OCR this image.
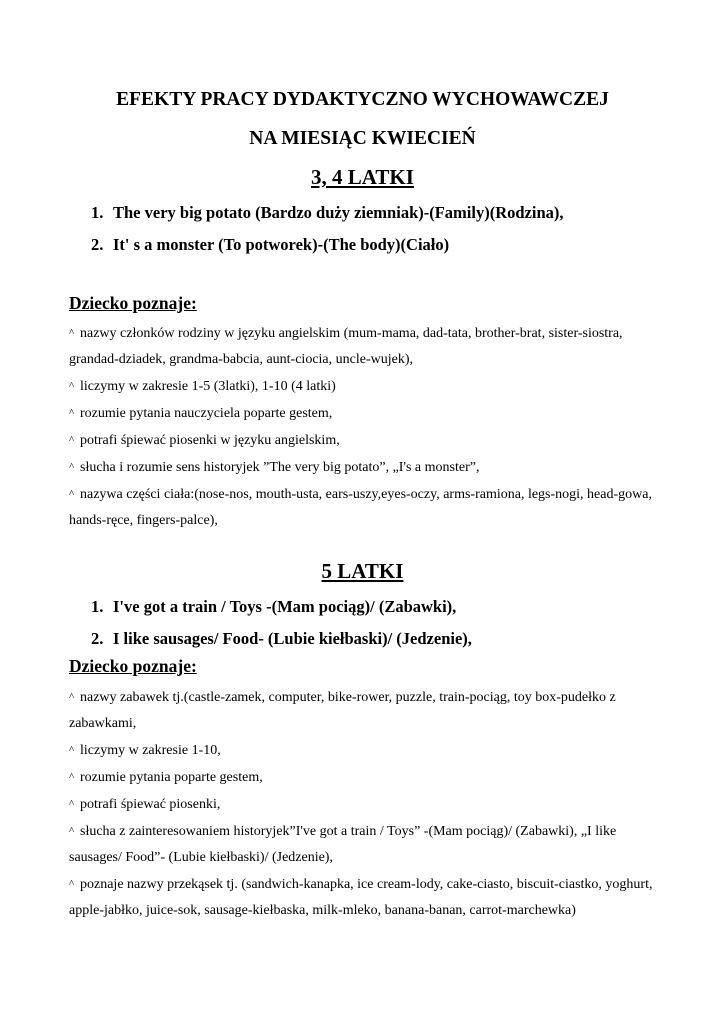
EFEKTY PRACY DYDAKTYCZNO WYCHOWAWCZEJ
NA MIESIĄC KWIECIEŃ
3, 4 LATKI
1. The very big potato (Bardzo duży ziemniak)-(Family)(Rodzina),
2. It' s a monster (To potworek)-(The body)(Ciało)
Dziecko poznaje:
^ nazwy członków rodziny w języku angielskim (mum-mama, dad-tata, brother-brat, sister-siostra, grandad-dziadek, grandma-babcia, aunt-ciocia, uncle-wujek),
^ liczymy w zakresie 1-5 (3latki), 1-10 (4 latki)
^ rozumie pytania nauczyciela poparte gestem,
^ potrafi śpiewać piosenki w języku angielskim,
^ słucha i rozumie sens historyjek ”The very big potato”, „I's a monster”,
^ nazywa części ciała:(nose-nos, mouth-usta, ears-uszy,eyes-oczy, arms-ramiona, legs-nogi, head-gowa, hands-ręce, fingers-palce),
5 LATKI
1. I've got a train / Toys -(Mam pociąg)/ (Zabawki),
2. I like sausages/ Food- (Lubie kiełbaski)/ (Jedzenie),
Dziecko poznaje:
^ nazwy zabawek tj.(castle-zamek, computer, bike-rower, puzzle, train-pociąg, toy box-pudełko z zabawkami,
^ liczymy w zakresie 1-10,
^ rozumie pytania poparte gestem,
^ potrafi śpiewać piosenki,
^ słucha z zainteresowaniem historyjek”I've got a train / Toys” -(Mam pociąg)/ (Zabawki), „I like sausages/ Food”- (Lubie kiełbaski)/ (Jedzenie),
^ poznaje nazwy przekąsek tj. (sandwich-kanapka, ice cream-lody, cake-ciasto, biscuit-ciastko, yoghurt, apple-jabłko, juice-sok, sausage-kiełbaska, milk-mleko, banana-banan, carrot-marchewka)
